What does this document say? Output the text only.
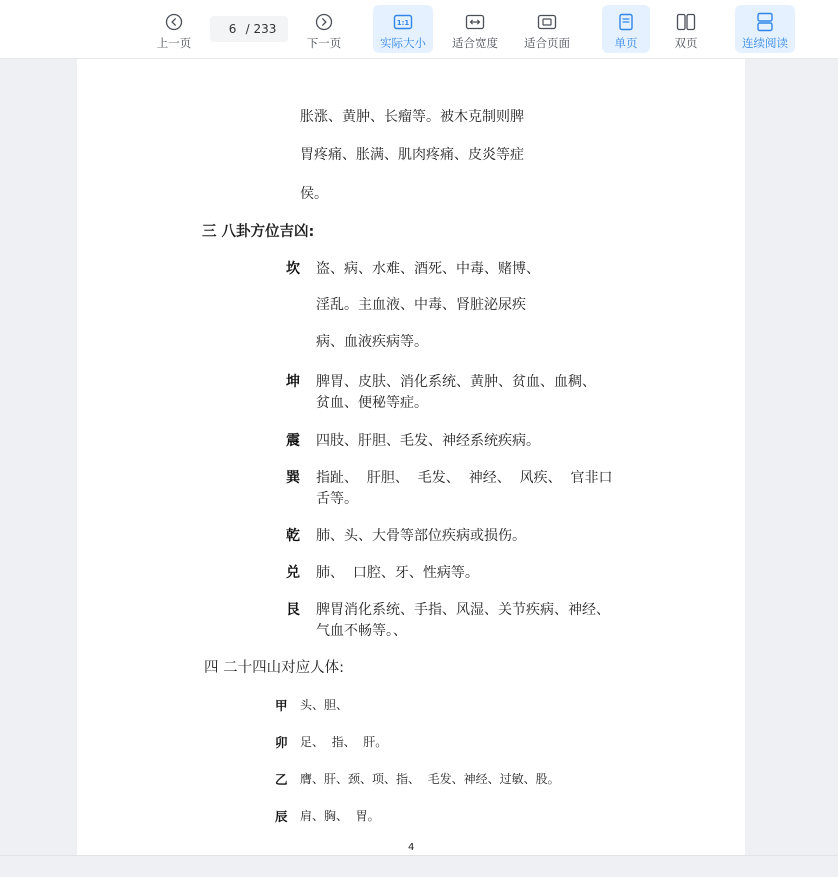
上一页
6
/ 233
下一页
1:1
实际大小 适合宽度 适合页面	单页	双页	连续阅读
胀涨、黄肿、长瘤等。被木克制则脾
胃疼痛、胀满、肌肉疼痛、皮炎等症
侯。
三 八卦方位吉凶:
坎 盗、病、水难、酒死、中毒、赌博、
淫乱。主血液、中毒、肾脏泌尿疾
病、血液疾病等。
坤 脾胃、皮肤、消化系统、黄肿、贫血、血稠、
贫血、便秘等症。
震 四肢、肝胆、毛发、神经系统疾病。
巽 指趾、  肝胆、  毛发、  神经、  风疾、  官非口
舌等。
乾 肺、头、大骨等部位疾病或损伤。
兑 肺、  口腔、牙、性病等。
艮 脾胃消化系统、手指、风湿、关节疾病、神经、
气血不畅等。、
四 二十四山对应人体:
甲 头、胆、
卯 足、  指、  肝。
乙 膺、肝、颈、项、指、  毛发、神经、过敏、股。
辰 肩、胸、  胃。
4
